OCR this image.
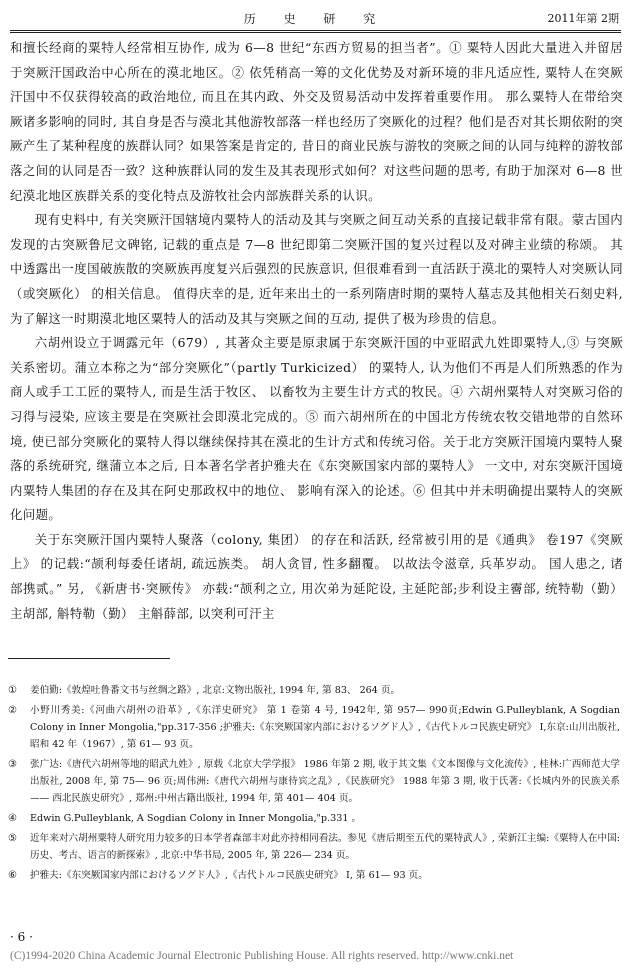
历 史 研 究	2011年第 2期

和擅长经商的粟特人经常相互协作, 成为 6—8 世纪“东西方贸易的担当者”。① 粟特人因此大量进入并留居于突厥汗国政治中心所在的漠北地区。② 依凭稍高一筹的文化优势及对新环境的非凡适应性, 粟特人在突厥汗国中不仅获得较高的政治地位, 而且在其内政、外交及贸易活动中发挥着重要作用。 那么粟特人在带给突厥诸多影响的同时, 其自身是否与漠北其他游牧部落一样也经历了突厥化的过程？他们是否对其长期依附的突厥产生了某种程度的族群认同？如果答案是肯定的, 昔日的商业民族与游牧的突厥之间的认同与纯粹的游牧部落之间的认同是否一致？这种族群认同的发生及其表现形式如何？对这些问题的思考, 有助于加深对 6—8 世纪漠北地区族群关系的变化特点及游牧社会内部族群关系的认识。

现有史料中, 有关突厥汗国辖境内粟特人的活动及其与突厥之间互动关系的直接记载非常有限。蒙古国内发现的古突厥鲁尼文碑铭, 记载的重点是 7—8 世纪即第二突厥汗国的复兴过程以及对碑主业绩的称颂。 其中透露出一度国破族散的突厥族再度复兴后强烈的民族意识, 但很难看到一直活跃于漠北的粟特人对突厥认同（或突厥化） 的相关信息。 值得庆幸的是, 近年来出土的一系列隋唐时期的粟特人墓志及其他相关石刻史料, 为了解这一时期漠北地区粟特人的活动及其与突厥之间的互动, 提供了极为珍贵的信息。

六胡州设立于调露元年（679）, 其著众主要是原隶属于东突厥汗国的中亚昭武九姓即粟特人,③ 与突厥关系密切。蒲立本称之为“部分突厥化”（partly Turkicized） 的粟特人, 认为他们不再是人们所熟悉的作为商人或手工工匠的粟特人, 而是生活于牧区、 以畜牧为主要生计方式的牧民。④ 六胡州粟特人对突厥习俗的习得与浸染, 应该主要是在突厥社会即漠北完成的。⑤ 而六胡州所在的中国北方传统农牧交错地带的自然环境, 使已部分突厥化的粟特人得以继续保持其在漠北的生计方式和传统习俗。关于北方突厥汗国境内粟特人聚落的系统研究, 继蒲立本之后, 日本著名学者护雅夫在《东突厥国家内部的粟特人》 一文中, 对东突厥汗国境内粟特人集团的存在及其在阿史那政权中的地位、 影响有深入的论述。⑥ 但其中并未明确提出粟特人的突厥化问题。

关于东突厥汗国内粟特人聚落（colony, 集团） 的存在和活跃, 经常被引用的是《通典》 卷197《突厥上》 的记载:“颉利每委任诸胡, 疏远族类。 胡人贪冒, 性多翻覆。 以故法令滋章, 兵革岁动。 国人患之, 诸部携贰。” 另, 《新唐书·突厥传》 亦载:“颉利之立, 用次弟为延陀设, 主延陀部;步利设主霫部, 统特勒（勤） 主胡部, 斛特勒（勤） 主斛薛部, 以突利可汗主

①	姜伯勤:《敦煌吐鲁番文书与丝绸之路》, 北京:文物出版社, 1994 年, 第 83、 264 页。
②	小野川秀美:《河曲六胡州の沿革》,《东洋史研究》 第 1 卷第 4 号, 1942年, 第 957— 990页;Edwin G.Pulleyblank, A Sogdian Colony in Inner Mongolia,"pp.317-356 ;护雅夫:《东突厥国家内部におけるソグド人》,《古代トルコ民族史研究》 I,东京:山川出版社, 昭和 42 年（1967）, 第 61— 93 页。
③	张广达:《唐代六胡州等地的昭武九姓》, 原载《北京大学学报》 1986 年第 2 期, 收于其文集《文本图像与文化流传》, 桂林:广西师范大学出版社, 2008 年, 第 75— 96 页;周伟洲:《唐代六胡州与康待宾之乱》,《民族研究》 1988 年第 3 期, 收于氏著:《长城内外的民族关系—— 西北民族史研究》, 郑州:中州古籍出版社, 1994 年, 第 401— 404 页。
④	Edwin G.Pulleyblank, A Sogdian Colony in Inner Mongolia,"p.331 。
⑤	近年来对六胡州粟特人研究用力较多的日本学者森部丰对此亦持相同看法。参见《唐后期至五代的粟特武人》, 荣新江主编:《粟特人在中国:历史、考古、语言的新探索》, 北京:中华书局, 2005 年, 第 226— 234 页。
⑥	护雅夫:《东突厥国家内部におけるソグド人》,《古代トルコ民族史研究》 I, 第 61— 93 页。
· 6 ·
(C)1994-2020 China Academic Journal Electronic Publishing House. All rights reserved. http://www.cnki.net
